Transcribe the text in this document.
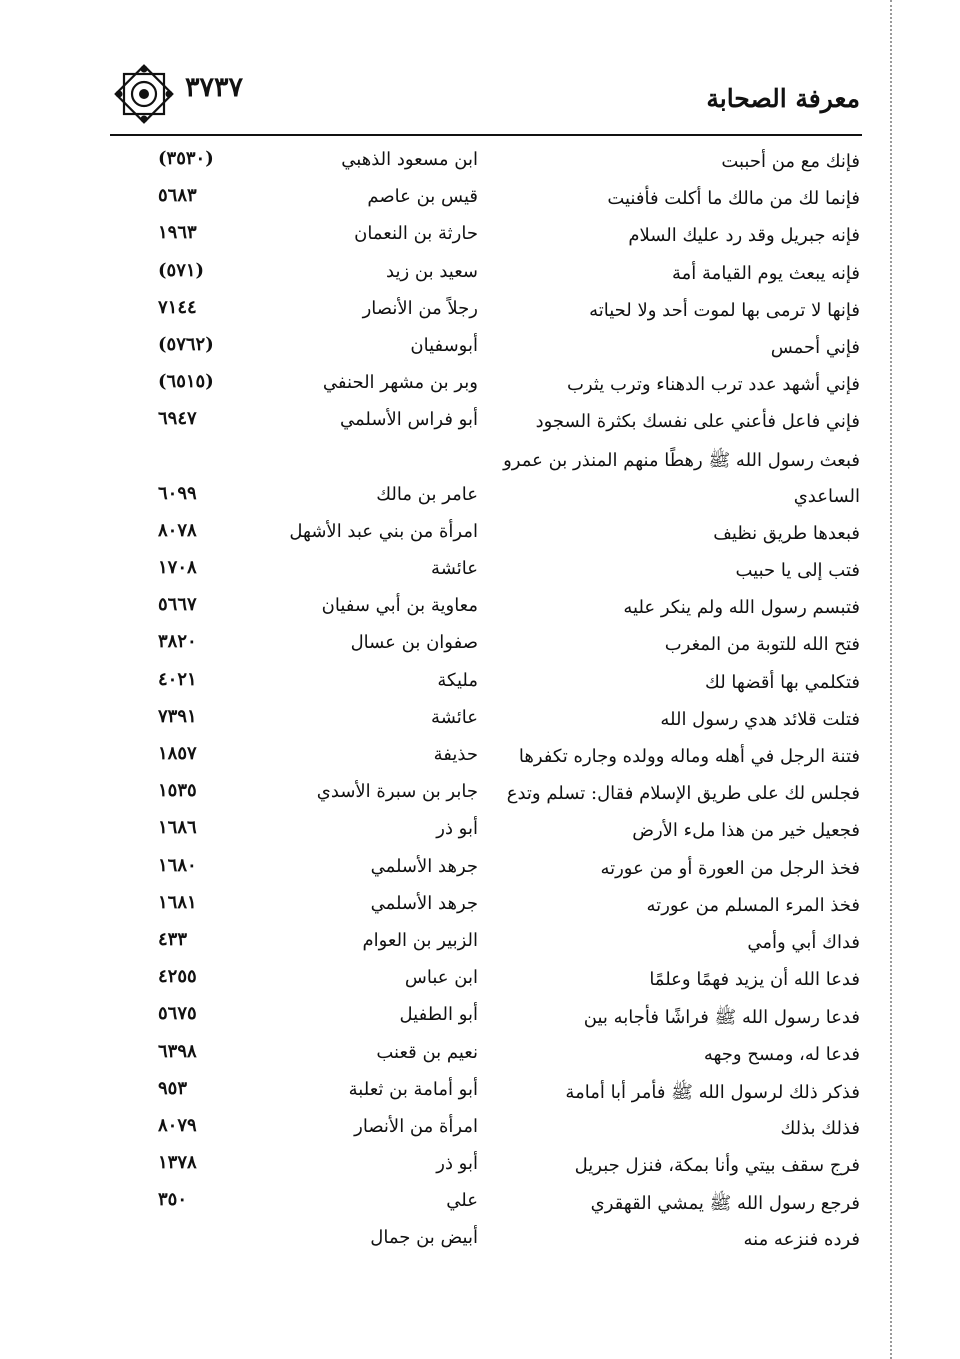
٣٧٣٧	معرفة الصحابة
فإنك مع من أحببت
ابن مسعود الذهبي
(٣٥٣٠)
فإنما لك من مالك ما أكلت فأفنيت
قيس بن عاصم
٥٦٨٣
فإنه جبريل وقد رد عليك السلام
حارثة بن النعمان
١٩٦٣
فإنه يبعث يوم القيامة أمة
سعيد بن زيد
(٥٧١)
فإنها لا ترمى بها لموت أحد ولا لحياته
رجلاً من الأنصار
٧١٤٤
فإني أحمس
أبوسفيان
(٥٧٦٢)
فإني أشهد عدد ترب الدهناء وترب يثرب
وبر بن مشهر الحنفي
(٦٥١٥)
فإني فاعل فأعني على نفسك بكثرة السجود
أبو فراس الأسلمي
٦٩٤٧
فبعث رسول الله ﷺ رهطًا منهم المنذر بن عمرو
الساعدي
عامر بن مالك
٦٠٩٩
فبعدها طريق نظيف
امرأة من بني عبد الأشهل
٨٠٧٨
فتب إلى يا حبيب
عائشة
١٧٠٨
فتبسم رسول الله ولم ينكر عليه
معاوية بن أبي سفيان
٥٦٦٧
فتح الله للتوبة من المغرب
صفوان بن عسال
٣٨٢٠
فتكلمي بها أقضها لك
مليكة
٤٠٢١
فتلت قلائد هدي رسول الله
عائشة
٧٣٩١
فتنة الرجل في أهله وماله وولده وجاره تكفرها
حذيفة
١٨٥٧
فجلس لك على طريق الإسلام فقال: تسلم وتدع
جابر بن سبرة الأسدي
١٥٣٥
فجعيل خير من هذا ملء الأرض
أبو ذر
١٦٨٦
فخذ الرجل من العورة أو من عورته
جرهد الأسلمي
١٦٨٠
فخذ المرء المسلم من عورته
جرهد الأسلمي
١٦٨١
فداك أبي وأمي
الزبير بن العوام
٤٣٣
فدعا الله أن يزيد فهمًا وعلمًا
ابن عباس
٤٢٥٥
فدعا رسول الله ﷺ فراشًا فأجابه بين
أبو الطفيل
٥٦٧٥
فدعا له، ومسح وجهه
نعيم بن قعنب
٦٣٩٨
فذكر ذلك لرسول الله ﷺ فأمر أبا أمامة
أبو أمامة بن ثعلبة
٩٥٣
فذلك بذلك
امرأة من الأنصار
٨٠٧٩
فرج سقف بيتي وأنا بمكة، فنزل جبريل
أبو ذر
١٣٧٨
فرجع رسول الله ﷺ يمشي القهقري
علي
٣٥٠
فرده فنزعه منه
أبيض بن جمال
